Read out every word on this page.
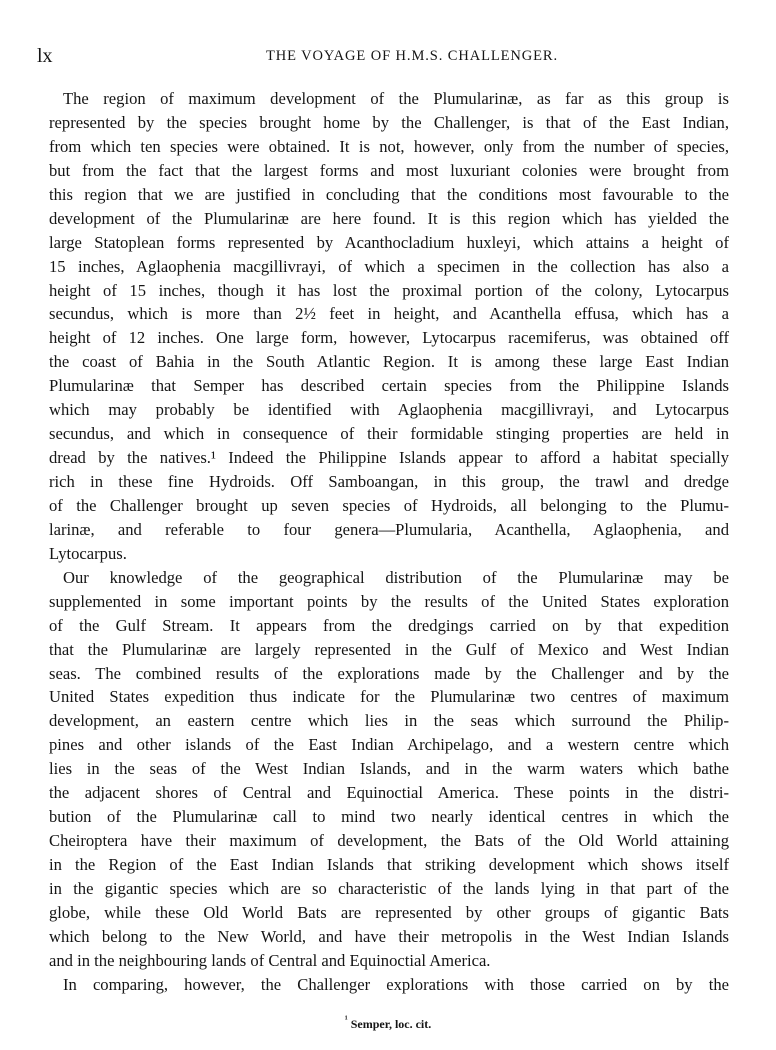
lx	THE VOYAGE OF H.M.S. CHALLENGER.
The region of maximum development of the Plumularinæ, as far as this group is
represented by the species brought home by the Challenger, is that of the East Indian,
from which ten species were obtained. It is not, however, only from the number of species,
but from the fact that the largest forms and most luxuriant colonies were brought from
this region that we are justified in concluding that the conditions most favourable to the
development of the Plumularinæ are here found. It is this region which has yielded the
large Statoplean forms represented by Acanthocladium huxleyi, which attains a height of
15 inches, Aglaophenia macgillivrayi, of which a specimen in the collection has also a
height of 15 inches, though it has lost the proximal portion of the colony, Lytocarpus
secundus, which is more than 2½ feet in height, and Acanthella effusa, which has a
height of 12 inches. One large form, however, Lytocarpus racemiferus, was obtained off
the coast of Bahia in the South Atlantic Region. It is among these large East Indian
Plumularinæ that Semper has described certain species from the Philippine Islands
which may probably be identified with Aglaophenia macgillivrayi, and Lytocarpus
secundus, and which in consequence of their formidable stinging properties are held in
dread by the natives.¹ Indeed the Philippine Islands appear to afford a habitat specially
rich in these fine Hydroids. Off Samboangan, in this group, the trawl and dredge
of the Challenger brought up seven species of Hydroids, all belonging to the Plumu-
larinæ, and referable to four genera—Plumularia, Acanthella, Aglaophenia, and
Lytocarpus.
Our knowledge of the geographical distribution of the Plumularinæ may be
supplemented in some important points by the results of the United States exploration
of the Gulf Stream. It appears from the dredgings carried on by that expedition
that the Plumularinæ are largely represented in the Gulf of Mexico and West Indian
seas. The combined results of the explorations made by the Challenger and by the
United States expedition thus indicate for the Plumularinæ two centres of maximum
development, an eastern centre which lies in the seas which surround the Philip-
pines and other islands of the East Indian Archipelago, and a western centre which
lies in the seas of the West Indian Islands, and in the warm waters which bathe
the adjacent shores of Central and Equinoctial America. These points in the distri-
bution of the Plumularinæ call to mind two nearly identical centres in which the
Cheiroptera have their maximum of development, the Bats of the Old World attaining
in the Region of the East Indian Islands that striking development which shows itself
in the gigantic species which are so characteristic of the lands lying in that part of the
globe, while these Old World Bats are represented by other groups of gigantic Bats
which belong to the New World, and have their metropolis in the West Indian Islands
and in the neighbouring lands of Central and Equinoctial America.
In comparing, however, the Challenger explorations with those carried on by the
$^{^1}$ Semper, loc. cit.
